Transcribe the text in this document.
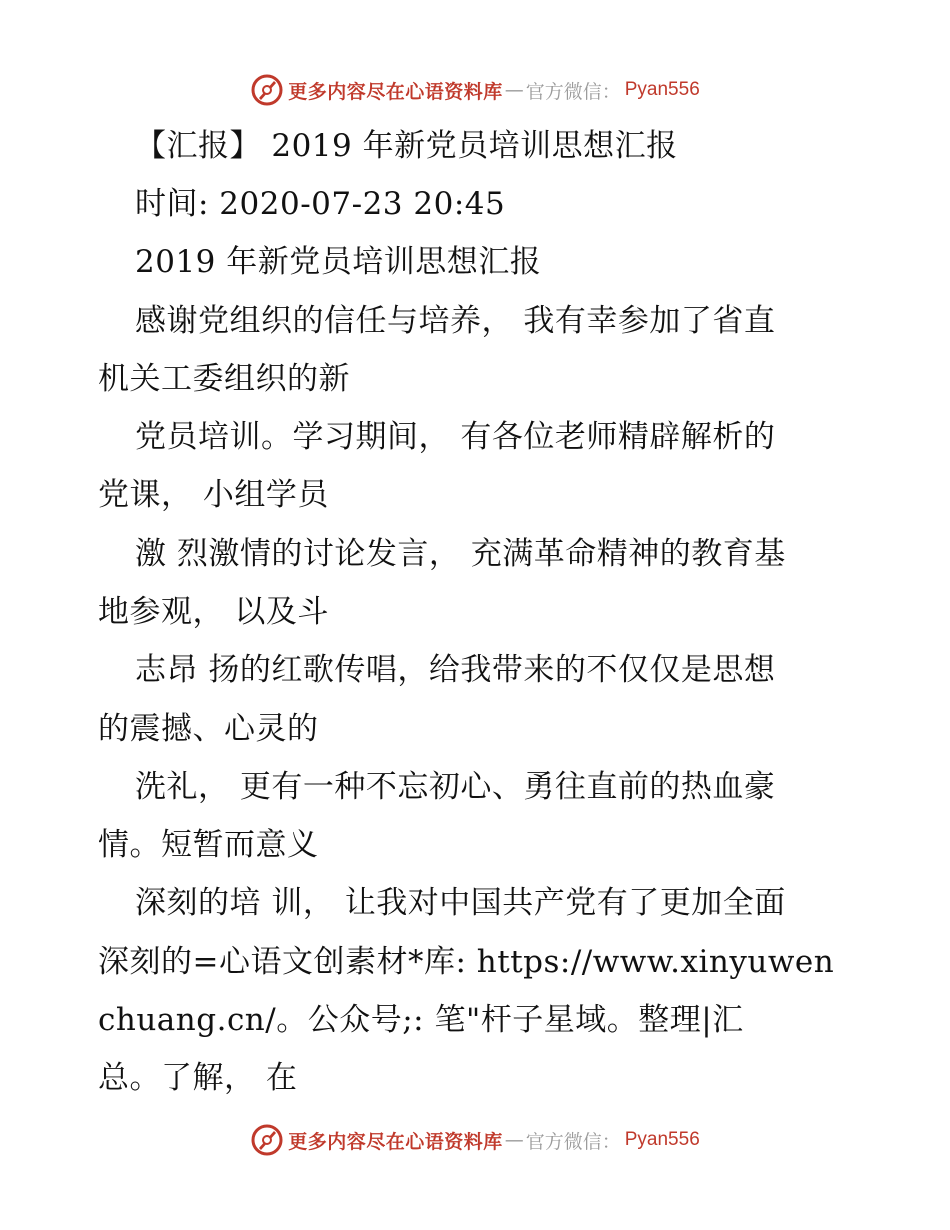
更多内容尽在心语资料库 — 官方微信： Pyan556
【汇报】 2019 年新党员培训思想汇报
时间: 2020-07-23 20:45
2019 年新党员培训思想汇报
感谢党组织的信任与培养， 我有幸参加了省直
机关工委组织的新
党员培训。学习期间， 有各位老师精辟解析的
党课， 小组学员
激 烈激情的讨论发言， 充满革命精神的教育基
地参观， 以及斗
志昂 扬的红歌传唱，给我带来的不仅仅是思想
的震撼、心灵的
洗礼， 更有一种不忘初心、勇往直前的热血豪
情。短暂而意义
深刻的培 训， 让我对中国共产党有了更加全面
深刻的=心语文创素材*库: https://www.xinyuwen
chuang.cn/。公众号;: 笔"杆子星域。整理|汇
总。了解， 在
更多内容尽在心语资料库 — 官方微信： Pyan556
